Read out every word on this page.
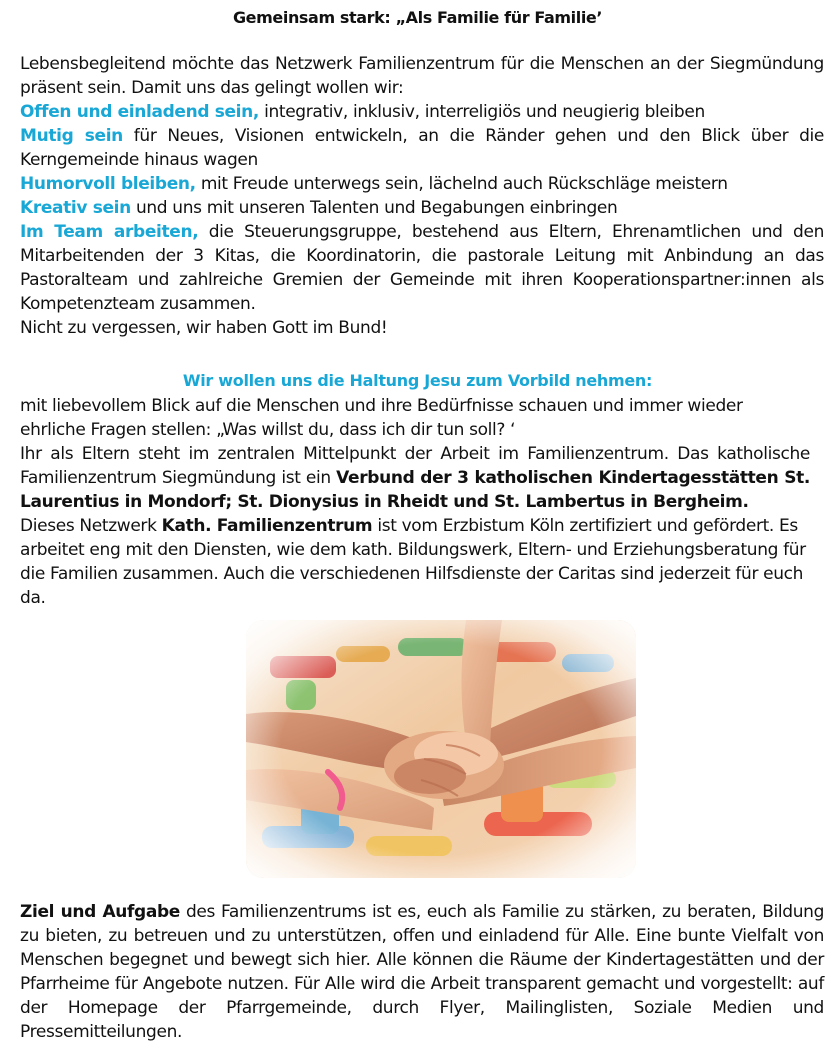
Gemeinsam stark: „Als Familie für Familie’

Lebensbegleitend möchte das Netzwerk Familienzentrum für die Menschen an der Siegmündung präsent sein. Damit uns das gelingt wollen wir:

Offen und einladend sein, integrativ, inklusiv, interreligiös und neugierig bleiben

Mutig sein für Neues, Visionen entwickeln, an die Ränder gehen und den Blick über die Kerngemeinde hinaus wagen

Humorvoll bleiben, mit Freude unterwegs sein, lächelnd auch Rückschläge meistern

Kreativ sein und uns mit unseren Talenten und Begabungen einbringen

Im Team arbeiten, die Steuerungsgruppe, bestehend aus Eltern, Ehrenamtlichen und den Mitarbeitenden der 3 Kitas, die Koordinatorin, die pastorale Leitung mit Anbindung an das Pastoralteam und zahlreiche Gremien der Gemeinde mit ihren Kooperationspartner:innen als Kompetenzteam zusammen.

Nicht zu vergessen, wir haben Gott im Bund!

Wir wollen uns die Haltung Jesu zum Vorbild nehmen:

mit liebevollem Blick auf die Menschen und ihre Bedürfnisse schauen und immer wieder ehrliche Fragen stellen: „Was willst du, dass ich dir tun soll? ‘

Ihr als Eltern steht im zentralen Mittelpunkt der Arbeit im Familienzentrum. Das katholische Familienzentrum Siegmündung ist ein Verbund der 3 katholischen Kindertagesstätten St. Laurentius in Mondorf; St. Dionysius in Rheidt und St. Lambertus in Bergheim.

Dieses Netzwerk Kath. Familienzentrum ist vom Erzbistum Köln zertifiziert und gefördert. Es arbeitet eng mit den Diensten, wie dem kath. Bildungswerk, Eltern- und Erziehungsberatung für die Familien zusammen. Auch die verschiedenen Hilfsdienste der Caritas sind jederzeit für euch da.

Ziel und Aufgabe des Familienzentrums ist es, euch als Familie zu stärken, zu beraten, Bildung zu bieten, zu betreuen und zu unterstützen, offen und einladend für Alle. Eine bunte Vielfalt von Menschen begegnet und bewegt sich hier. Alle können die Räume der Kindertagestätten und der Pfarrheime für Angebote nutzen. Für Alle wird die Arbeit transparent gemacht und vorgestellt: auf der Homepage der Pfarrgemeinde, durch Flyer, Mailinglisten, Soziale Medien und Pressemitteilungen.
